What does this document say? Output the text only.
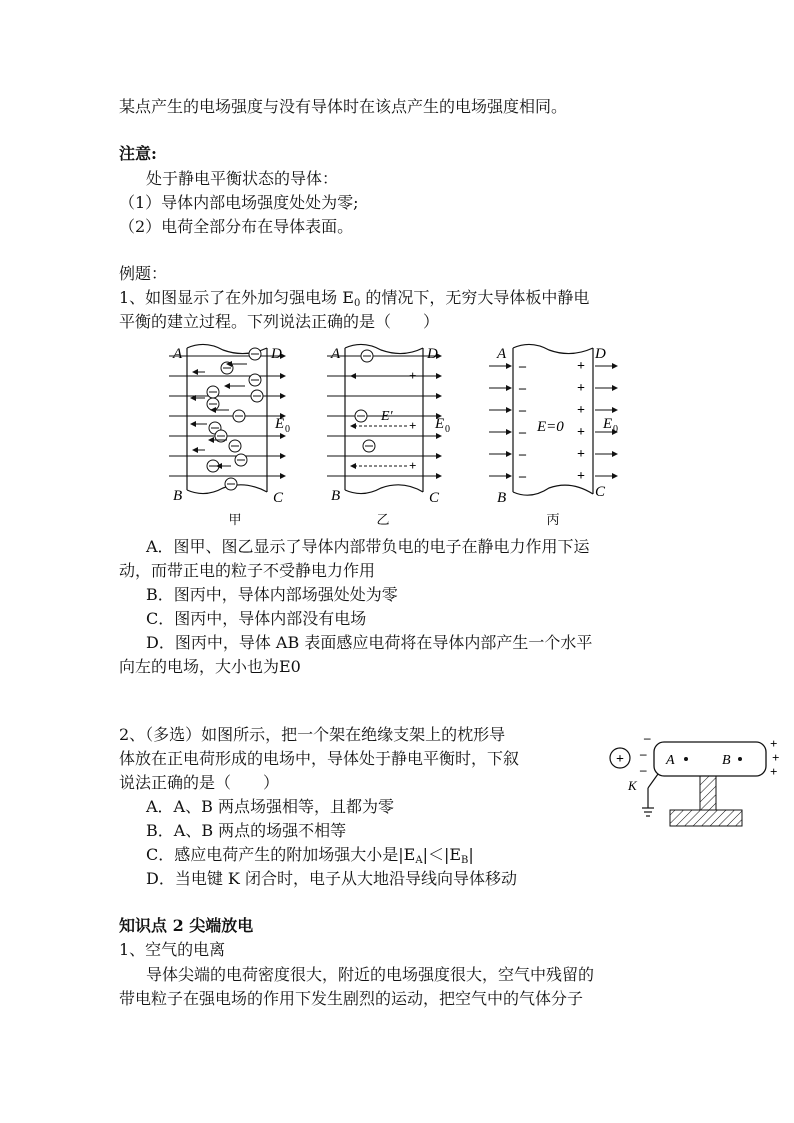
某点产生的电场强度与没有导体时在该点产生的电场强度相同。
注意:
处于静电平衡状态的导体：
（1）导体内部电场强度处处为零;
（2）电荷全部分布在导体表面。
例题：
1、如图显示了在外加匀强电场 $E_0$ 的情况下，无穷大导体板中静电
平衡的建立过程。下列说法正确的是（　　）
A	D
B	C
E 0
甲
+
+
+
E′
A	D
B	C
E 0
乙
–
–
–
–
–
–
+
+
+
+
+
+
E=0
A	D
B	C
E 0
丙
A．图甲、图乙显示了导体内部带负电的电子在静电力作用下运
动，而带正电的粒子不受静电力作用
B．图丙中，导体内部场强处处为零
C．图丙中，导体内部没有电场
D．图丙中，导体 AB 表面感应电荷将在导体内部产生一个水平
向左的电场，大小也为E0
2、（多选）如图所示，把一个架在绝缘支架上的枕形导
体放在正电荷形成的电场中，导体处于静电平衡时，下叙
说法正确的是（　　）
A．A、B 两点场强相等，且都为零
B．A、B 两点的场强不相等
C．感应电荷产生的附加场强大小是$|E_A|<|E_B|$
D．当电键 K 闭合时，电子从大地沿导线向导体移动
+
–
–
–
+
+
+
A	B
K
知识点 2 尖端放电
1、空气的电离
导体尖端的电荷密度很大，附近的电场强度很大，空气中残留的
带电粒子在强电场的作用下发生剧烈的运动，把空气中的气体分子
